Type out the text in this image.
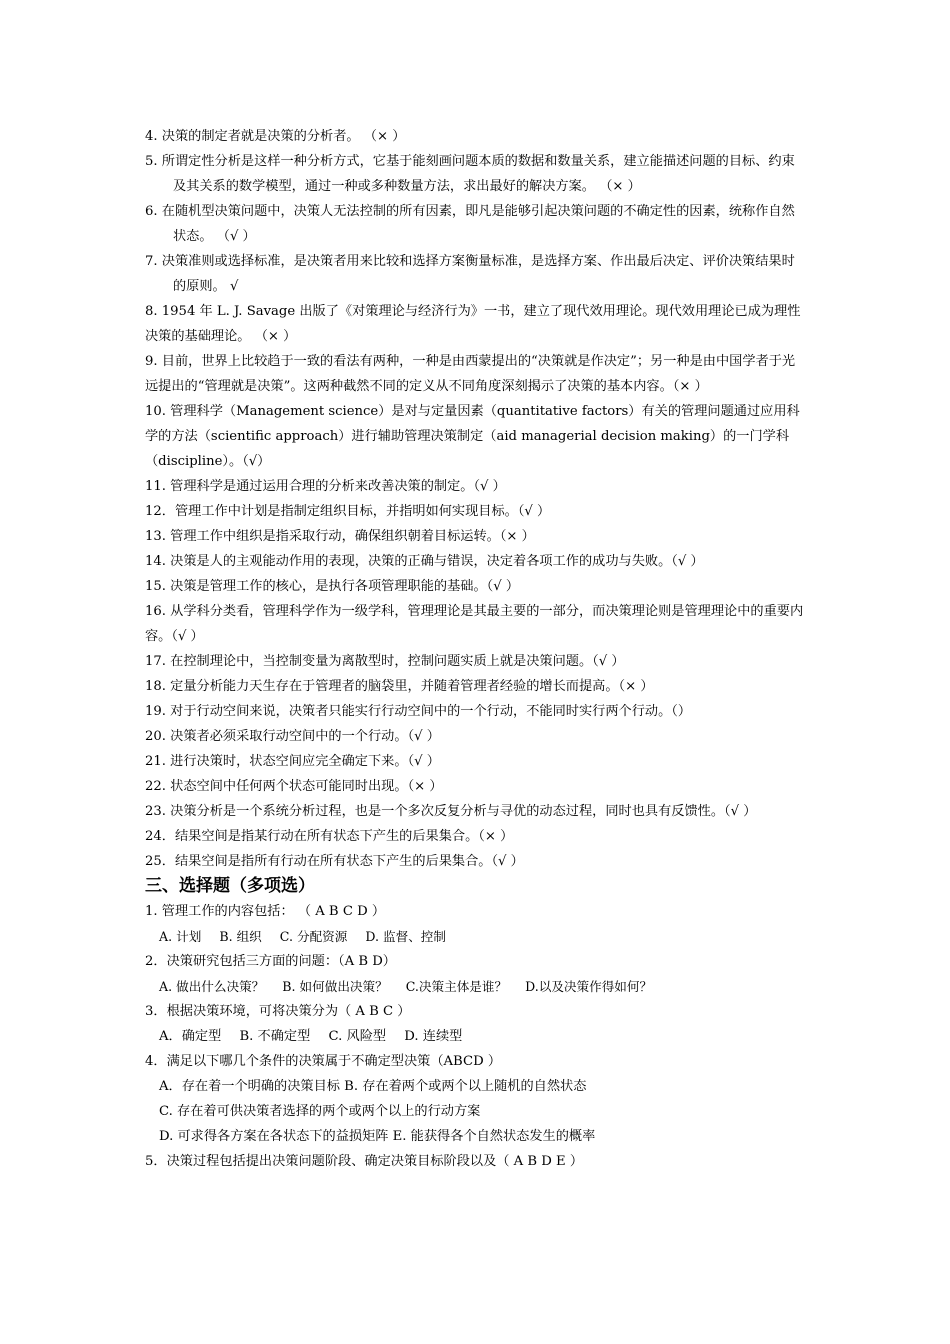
4. 决策的制定者就是决策的分析者。 （× ）
5. 所谓定性分析是这样一种分析方式，它基于能刻画问题本质的数据和数量关系，建立能描述问题的目标、约束及其关系的数学模型，通过一种或多种数量方法，求出最好的解决方案。 （× ）
6. 在随机型决策问题中，决策人无法控制的所有因素，即凡是能够引起决策问题的不确定性的因素，统称作自然状态。 （√ ）
7. 决策准则或选择标准，是决策者用来比较和选择方案衡量标准，是选择方案、作出最后决定、评价决策结果时的原则。 √
8. 1954 年 L. J. Savage 出版了《对策理论与经济行为》一书，建立了现代效用理论。现代效用理论已成为理性决策的基础理论。 （× ）
9. 目前，世界上比较趋于一致的看法有两种，一种是由西蒙提出的“决策就是作决定”；另一种是由中国学者于光远提出的“管理就是决策”。这两种截然不同的定义从不同角度深刻揭示了决策的基本内容。（× ）
10. 管理科学（Management science）是对与定量因素（quantitative factors）有关的管理问题通过应用科学的方法（scientific approach）进行辅助管理决策制定（aid managerial decision making）的一门学科（discipline）。（√）
11. 管理科学是通过运用合理的分析来改善决策的制定。（√ ）
12．管理工作中计划是指制定组织目标，并指明如何实现目标。（√ ）
13. 管理工作中组织是指采取行动，确保组织朝着目标运转。（× ）
14. 决策是人的主观能动作用的表现，决策的正确与错误，决定着各项工作的成功与失败。（√ ）
15. 决策是管理工作的核心，是执行各项管理职能的基础。（√ ）
16. 从学科分类看，管理科学作为一级学科，管理理论是其最主要的一部分，而决策理论则是管理理论中的重要内容。（√ ）
17. 在控制理论中，当控制变量为离散型时，控制问题实质上就是决策问题。（√ ）
18. 定量分析能力天生存在于管理者的脑袋里，并随着管理者经验的增长而提高。（× ）
19. 对于行动空间来说，决策者只能实行行动空间中的一个行动，不能同时实行两个行动。（）
20. 决策者必须采取行动空间中的一个行动。（√ ）
21. 进行决策时，状态空间应完全确定下来。（√ ）
22. 状态空间中任何两个状态可能同时出现。（× ）
23. 决策分析是一个系统分析过程，也是一个多次反复分析与寻优的动态过程，同时也具有反馈性。（√ ）
24．结果空间是指某行动在所有状态下产生的后果集合。（× ）
25．结果空间是指所有行动在所有状态下产生的后果集合。（√ ）
三、选择题（多项选）
1. 管理工作的内容包括： （ A B C D ）
A. 计划 B. 组织 C. 分配资源 D. 监督、控制
2．决策研究包括三方面的问题：（A B D）
A. 做出什么决策？ B. 如何做出决策？ C.决策主体是谁？ D.以及决策作得如何？
3．根据决策环境，可将决策分为（ A B C ）
A．确定型 B. 不确定型 C. 风险型 D. 连续型
4．满足以下哪几个条件的决策属于不确定型决策（ABCD ）
A．存在着一个明确的决策目标 B. 存在着两个或两个以上随机的自然状态
C. 存在着可供决策者选择的两个或两个以上的行动方案
D. 可求得各方案在各状态下的益损矩阵 E. 能获得各个自然状态发生的概率
5．决策过程包括提出决策问题阶段、确定决策目标阶段以及（ A B D E ）
